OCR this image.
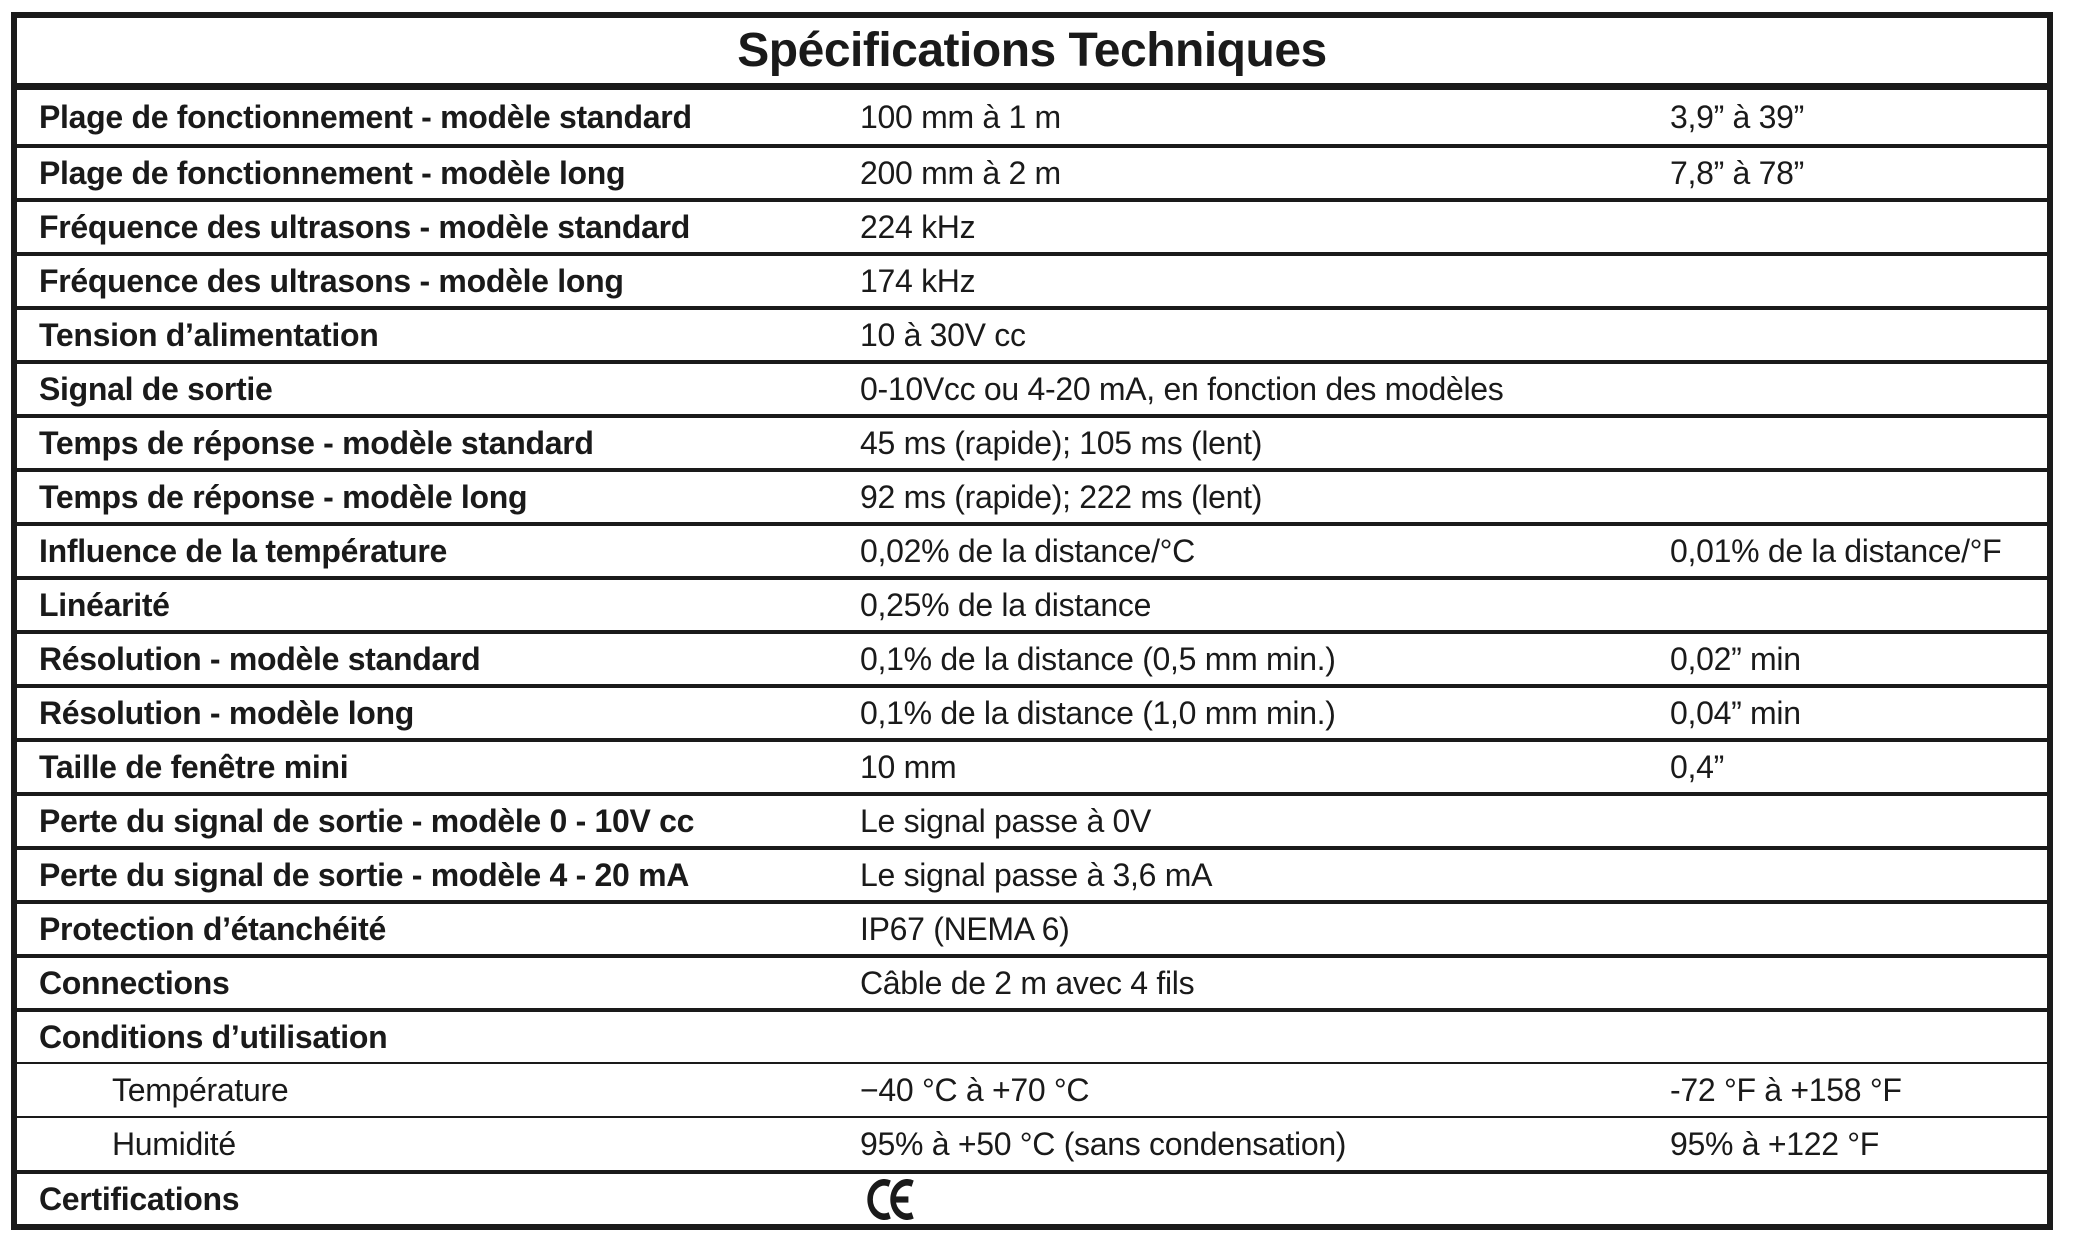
Spécifications Techniques
Plage de fonctionnement - modèle standard	100 mm à 1 m	3,9” à 39”
Plage de fonctionnement - modèle long	200 mm à 2 m	7,8” à 78”
Fréquence des ultrasons - modèle standard	224 kHz
Fréquence des ultrasons - modèle long	174 kHz
Tension d’alimentation	10 à 30V cc
Signal de sortie	0-10Vcc ou 4-20 mA, en fonction des modèles
Temps de réponse - modèle standard	45 ms (rapide); 105 ms (lent)
Temps de réponse - modèle long	92 ms (rapide); 222 ms (lent)
Influence de la température	0,02% de la distance/°C	0,01% de la distance/°F
Linéarité	0,25% de la distance
Résolution - modèle standard	0,1% de la distance (0,5 mm min.)	0,02” min
Résolution - modèle long	0,1% de la distance (1,0 mm min.)	0,04” min
Taille de fenêtre mini	10 mm	0,4”
Perte du signal de sortie - modèle 0 - 10V cc	Le signal passe à 0V
Perte du signal de sortie - modèle 4 - 20 mA	Le signal passe à 3,6 mA
Protection d’étanchéité	IP67 (NEMA 6)
Connections	Câble de 2 m avec 4 fils
Conditions d’utilisation
Température	−40 °C à +70 °C	-72 °F à +158 °F
Humidité	95% à +50 °C (sans condensation)	95% à +122 °F
Certifications
